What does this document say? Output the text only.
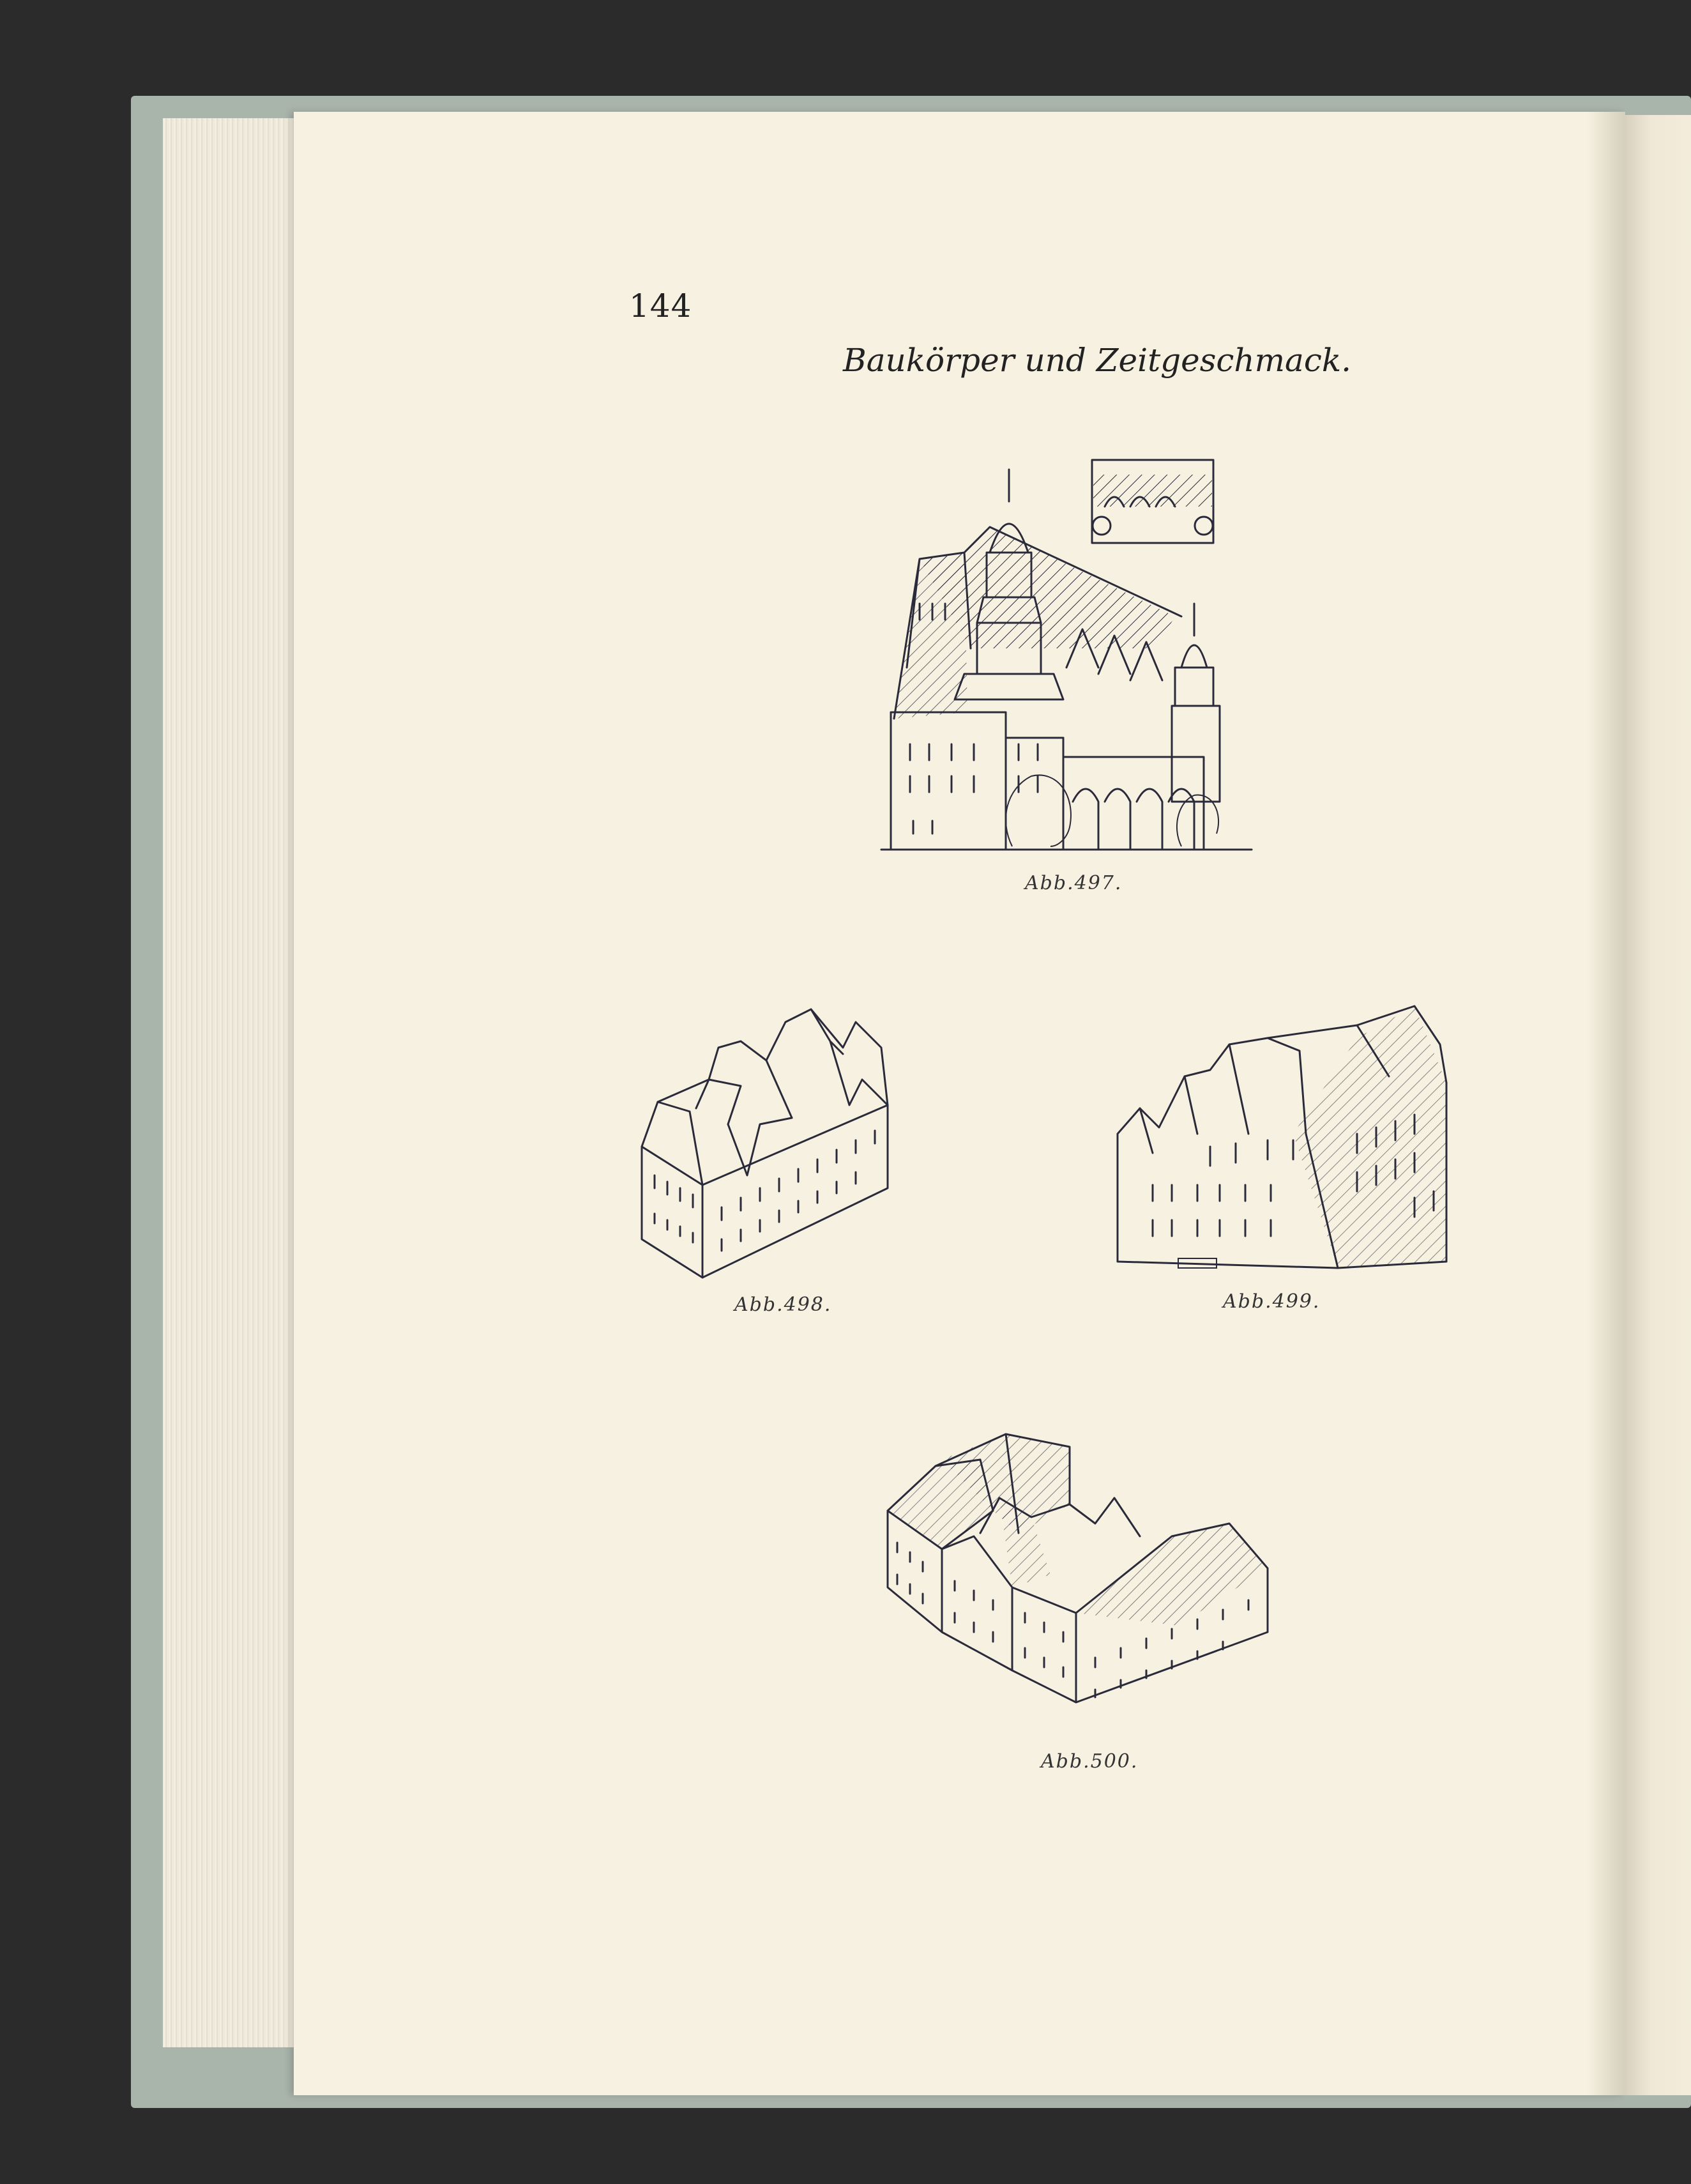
144
Baukörper und Zeitgeschmack.
Abb.497.
Abb.498.	Abb.499.
Abb.500.
